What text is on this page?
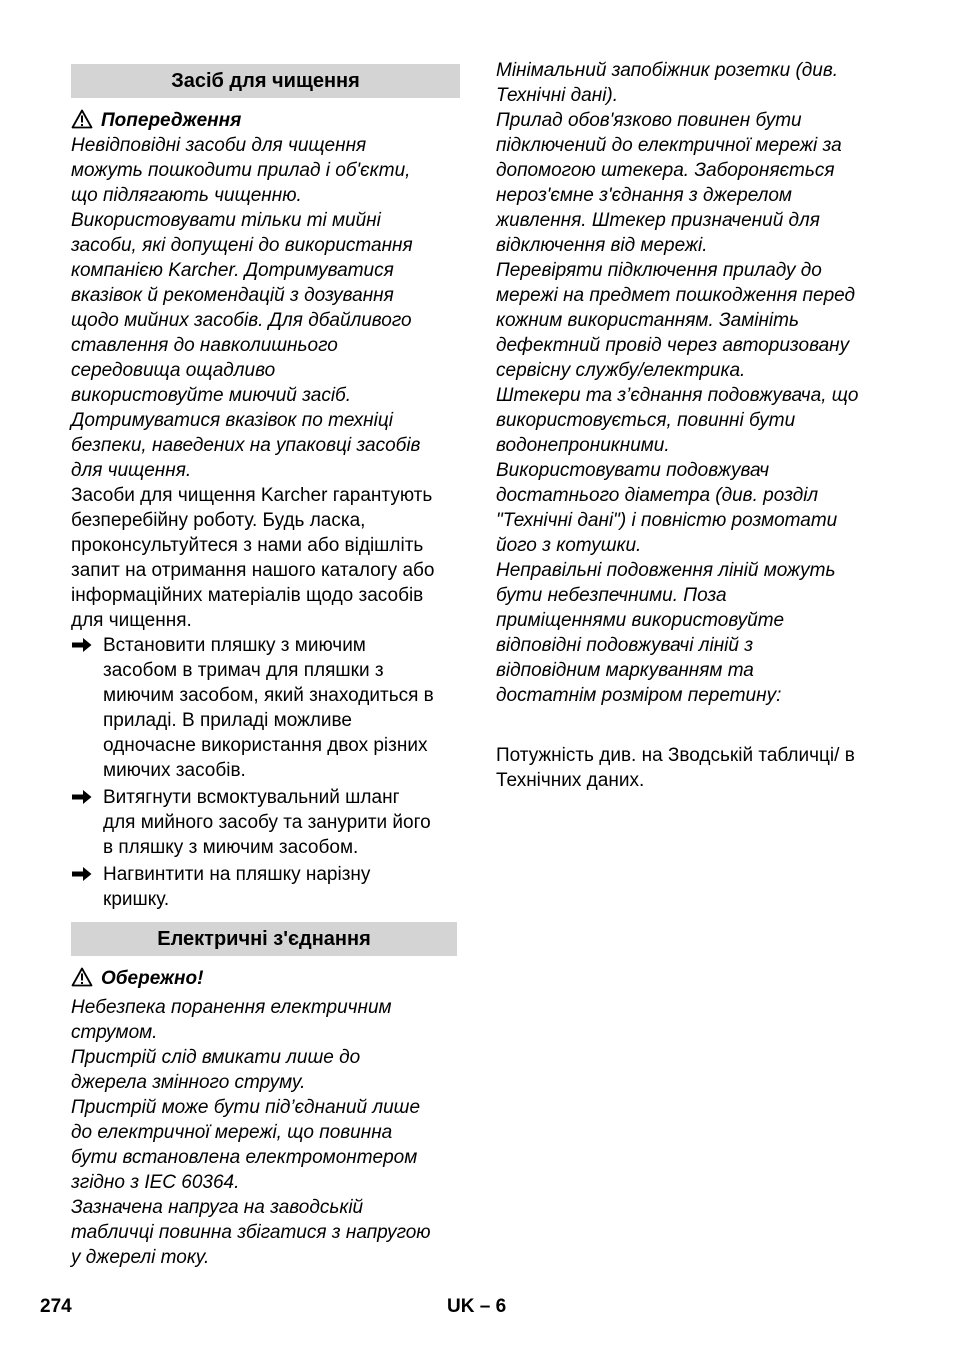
Засіб для чищення
Попередження
Невідповідні засоби для чищення
можуть пошкодити прилад і об'єкти,
що підлягають чищенню.
Використовувати тільки ті мийні
засоби, які допущені до використання
компанією Karcher. Дотримуватися
вказівок й рекомендацій з дозування
щодо мийних засобів. Для дбайливого
ставлення до навколишнього
середовища ощадливо
використовуйте миючий засіб.
Дотримуватися вказівок по техніці
безпеки, наведених на упаковці засобів
для чищення.
Засоби для чищення Karcher гарантують
безперебійну роботу. Будь ласка,
проконсультуйтеся з нами або відішліть
запит на отримання нашого каталогу або
інформаційних матеріалів щодо засобів
для чищення.
Встановити пляшку з миючим
засобом в тримач для пляшки з
миючим засобом, який знаходиться в
приладі. В приладі можливе
одночасне використання двох різних
миючих засобів.
Витягнути всмоктувальний шланг
для мийного засобу та занурити його
в пляшку з миючим засобом.
Нагвинтити на пляшку нарізну
кришку.
Електричні з'єднання
Обережно!
Небезпека поранення електричним
струмом.
Пристрій слід вмикати лише до
джерела змінного струму.
Пристрій може бути під’єднаний лише
до електричної мережі, що повинна
бути встановлена електромонтером
згідно з IEC 60364.
Зазначена напруга на заводській
табличці повинна збігатися з напругою
у джерелі току.
Мінімальний запобіжник розетки (див.
Технічні дані).
Прилад обов'язково повинен бути
підключений до електричної мережі за
допомогою штекера. Забороняється
нероз'ємне з'єднання з джерелом
живлення. Штекер призначений для
відключення від мережі.
Перевіряти підключення приладу до
мережі на предмет пошкодження перед
кожним використанням. Замініть
дефектний провід через авторизовану
сервісну службу/електрика.
Штекери та з’єднання подовжувача, що
використовується, повинні бути
водонепроникними.
Використовувати подовжувач
достатнього діаметра (див. розділ
"Технічні дані") і повністю розмотати
його з котушки.
Неправільні подовження ліній можуть
бути небезпечними. Поза
приміщеннями використовуйте
відповідні подовжувачі ліній з
відповідним маркуванням та
достатнім розміром перетину:
Потужність див. на Зводській табличці/ в
Технічних даних.
274	UK – 6
